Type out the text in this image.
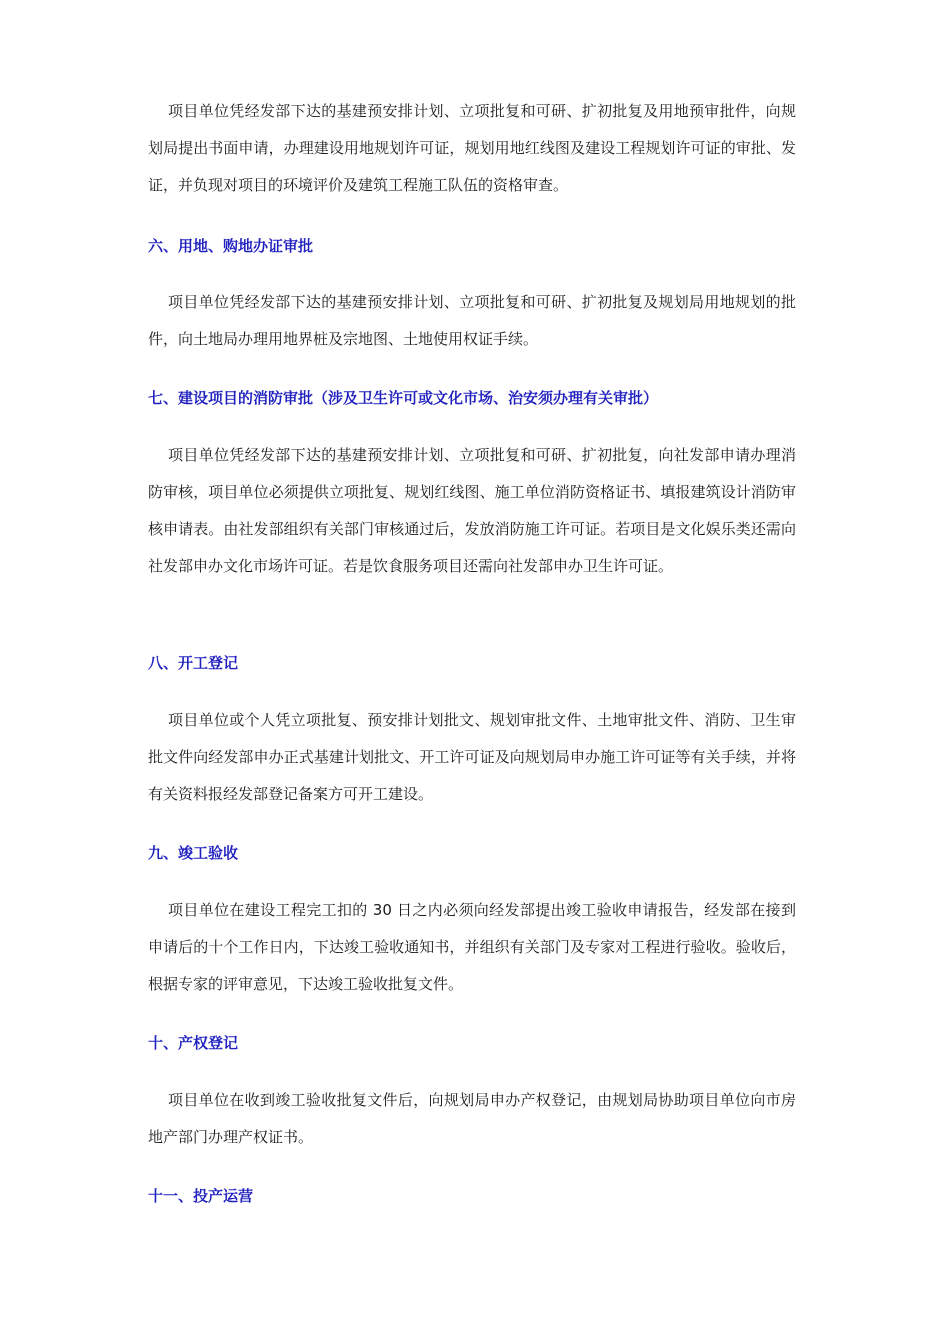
项目单位凭经发部下达的基建预安排计划、立项批复和可研、扩初批复及用地预审批件，向规划局提出书面申请，办理建设用地规划许可证，规划用地红线图及建设工程规划许可证的审批、发证，并负现对项目的环境评价及建筑工程施工队伍的资格审查。

六、用地、购地办证审批

项目单位凭经发部下达的基建预安排计划、立项批复和可研、扩初批复及规划局用地规划的批件，向土地局办理用地界桩及宗地图、土地使用权证手续。

七、建设项目的消防审批（涉及卫生许可或文化市场、治安须办理有关审批）

项目单位凭经发部下达的基建预安排计划、立项批复和可研、扩初批复，向社发部申请办理消防审核，项目单位必须提供立项批复、规划红线图、施工单位消防资格证书、填报建筑设计消防审核申请表。由社发部组织有关部门审核通过后，发放消防施工许可证。若项目是文化娱乐类还需向社发部申办文化市场许可证。若是饮食服务项目还需向社发部申办卫生许可证。

八、开工登记

项目单位或个人凭立项批复、预安排计划批文、规划审批文件、土地审批文件、消防、卫生审批文件向经发部申办正式基建计划批文、开工许可证及向规划局申办施工许可证等有关手续，并将有关资料报经发部登记备案方可开工建设。

九、竣工验收

项目单位在建设工程完工扣的 30 日之内必须向经发部提出竣工验收申请报告，经发部在接到申请后的十个工作日内，下达竣工验收通知书，并组织有关部门及专家对工程进行验收。验收后，根据专家的评审意见，下达竣工验收批复文件。

十、产权登记

项目单位在收到竣工验收批复文件后，向规划局申办产权登记，由规划局协助项目单位向市房地产部门办理产权证书。

十一、投产运营
